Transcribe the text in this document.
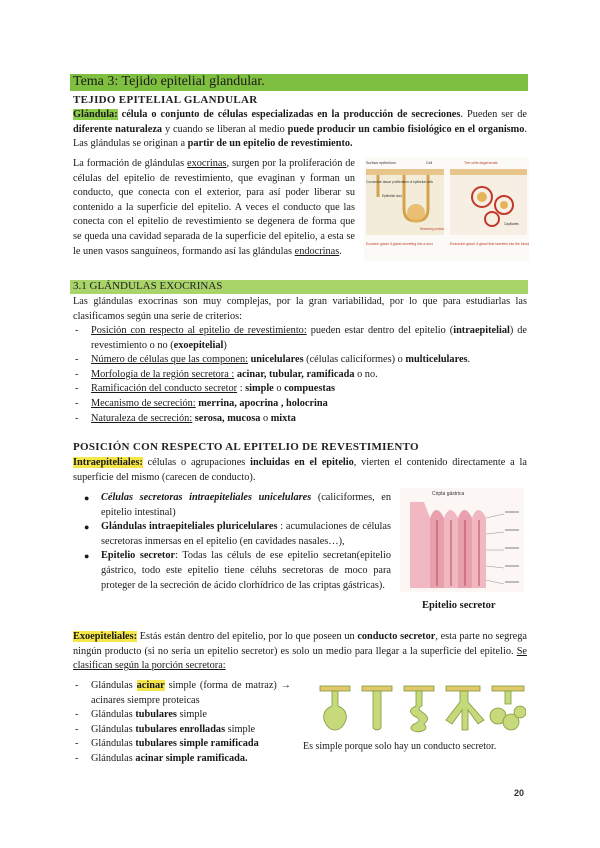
Tema 3: Tejido epitelial glandular.
TEJIDO EPITELIAL GLANDULAR
Glándula: célula o conjunto de células especializadas en la producción de secreciones. Pueden ser de diferente naturaleza y cuando se liberan al medio puede producir un cambio fisiológico en el organismo. Las glándulas se originan a partir de un epitelio de revestimiento.
La formación de glándulas exocrinas, surgen por la proliferación de células del epitelio de revestimiento, que evaginan y forman un conducto, que conecta con el exterior, para así poder liberar su contenido a la superficie del epitelio. A veces el conducto que las conecta con el epitelio de revestimiento se degenera de forma que se queda una cavidad separada de la superficie del epitelio, a esta se le unen vasos sanguíneos, formando así las glándulas endocrinas.
Surface epithelium
Connective tissue proliferation of epithelial cells
Epithelial duct
Secretory portion
Cell	The cells degenerate
Capillaries
Exocrine gland: A gland secreting into a duct	Endocrine gland: A gland that secretes into the blood
3.1 GLÁNDULAS EXOCRINAS
Las glándulas exocrinas son muy complejas, por la gran variabilidad, por lo que para estudiarlas las clasificamos según una serie de criterios:
- Posición con respecto al epitelio de revestimiento: pueden estar dentro del epitelio (intraepitelial) de revestimiento o no (exoepitelial)
- Número de células que las componen: unicelulares (células caliciformes) o multicelulares.
- Morfología de la región secretora : acinar, tubular, ramificada o no.
- Ramificación del conducto secretor : simple o compuestas
- Mecanismo de secreción: merrina, apocrina , holocrina
- Naturaleza de secreción: serosa, mucosa o mixta
POSICIÓN CON RESPECTO AL EPITELIO DE REVESTIMIENTO
Intraepiteliales: células o agrupaciones incluidas en el epitelio, vierten el contenido directamente a la superficie del mismo (carecen de conducto).
● Células secretoras intraepiteliales unicelulares (caliciformes, en epitelio intestinal)
● Glándulas intraepiteliales pluricelulares : acumulaciones de células secretoras inmersas en el epitelio (en cavidades nasales…),
● Epitelio secretor: Todas las céluls de ese epitelio secretan(epitelio gástrico, todo este epitelio tiene céluhs secretoras de moco para proteger de la secreción de ácido clorhídrico de las criptas gástricas).
Cripta gástrica
Epitelio secretor
Exoepiteliales: Estás están dentro del epitelio, por lo que poseen un conducto secretor, esta parte no segrega ningún producto (si no sería un epitelio secretor) es solo un medio para llegar a la superficie del epitelio. Se clasifican según la porción secretora:
- Glándulas acinar simple (forma de matraz) → acinares siempre proteicas
- Glándulas tubulares simple
- Glándulas tubulares enrolladas simple
- Glándulas tubulares simple ramificada
- Glándulas acinar simple ramificada.
Es simple porque solo hay un conducto secretor.
20
